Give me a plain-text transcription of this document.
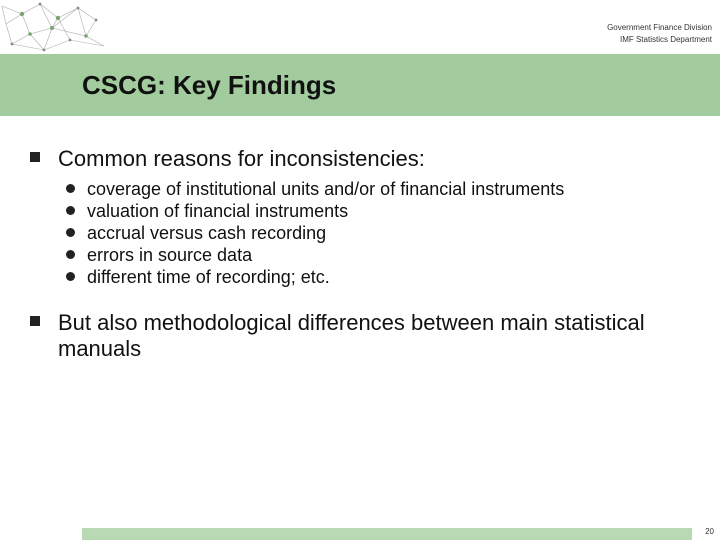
Government Finance Division
IMF Statistics Department
CSCG: Key Findings
Common reasons for inconsistencies:
coverage of institutional units and/or of financial instruments
valuation of financial instruments
accrual versus cash recording
errors in source data
different time of recording; etc.
But also methodological differences between main statistical manuals
20
